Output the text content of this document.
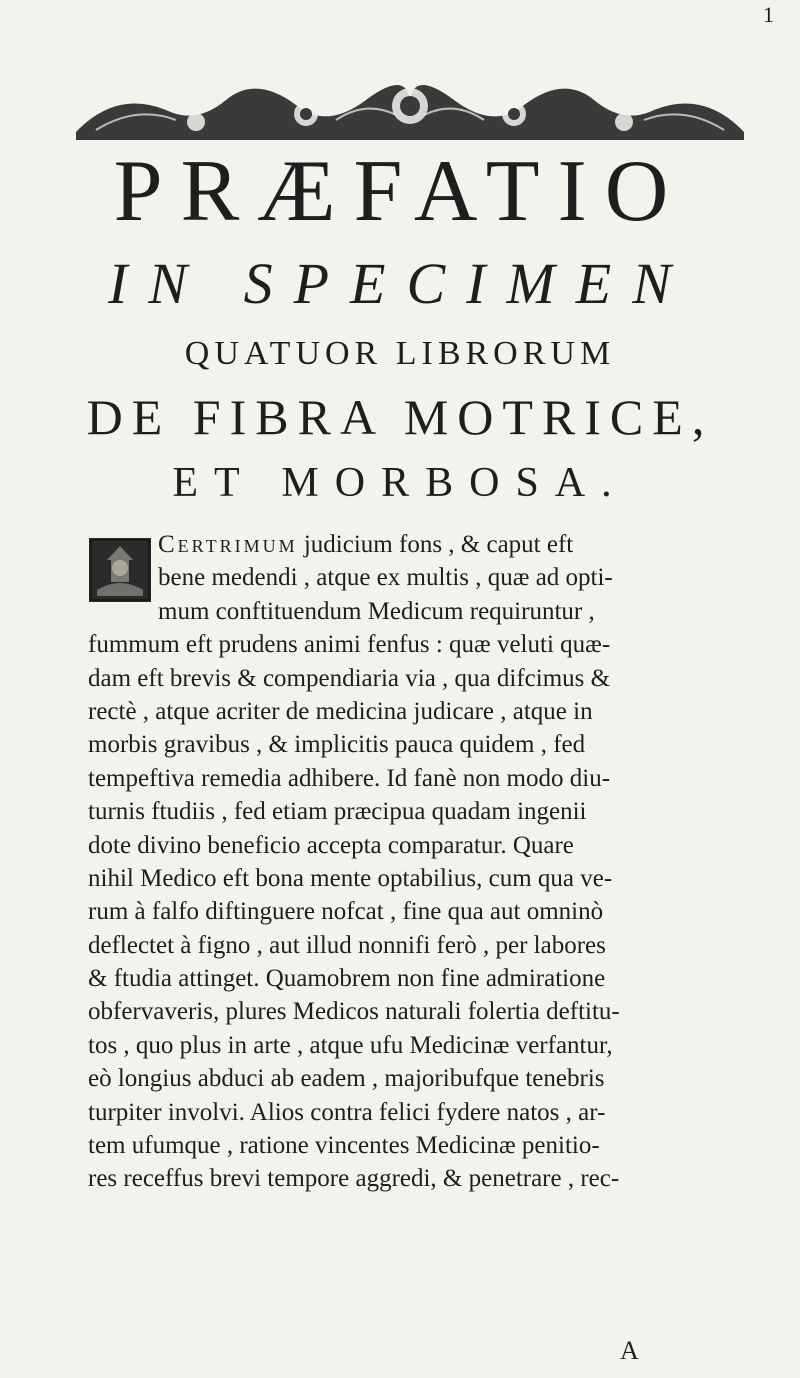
1
PRÆFATIO
IN SPECIMEN
QUATUOR LIBRORUM
DE FIBRA MOTRICE,
ET MORBOSA.
Certrimum judicium fons , & caput eft
bene medendi , atque ex multis , quæ ad opti-
mum conftituendum Medicum requiruntur ,
fummum eft prudens animi fenfus : quæ veluti quæ-
dam eft brevis & compendiaria via , qua difcimus &
rectè , atque acriter de medicina judicare , atque in
morbis gravibus , & implicitis pauca quidem , fed
tempeftiva remedia adhibere. Id fanè non modo diu-
turnis ftudiis , fed etiam præcipua quadam ingenii
dote divino beneficio accepta comparatur. Quare
nihil Medico eft bona mente optabilius, cum qua ve-
rum à falfo diftinguere nofcat , fine qua aut omninò
deflectet à figno , aut illud nonnifi ferò , per labores
& ftudia attinget. Quamobrem non fine admiratione
obfervaveris, plures Medicos naturali folertia deftitu-
tos , quo plus in arte , atque ufu Medicinæ verfantur,
eò longius abduci ab eadem , majoribufque tenebris
turpiter involvi. Alios contra felici fydere natos , ar-
tem ufumque , ratione vincentes Medicinæ penitio-
res receffus brevi tempore aggredi, & penetrare , rec-
A
